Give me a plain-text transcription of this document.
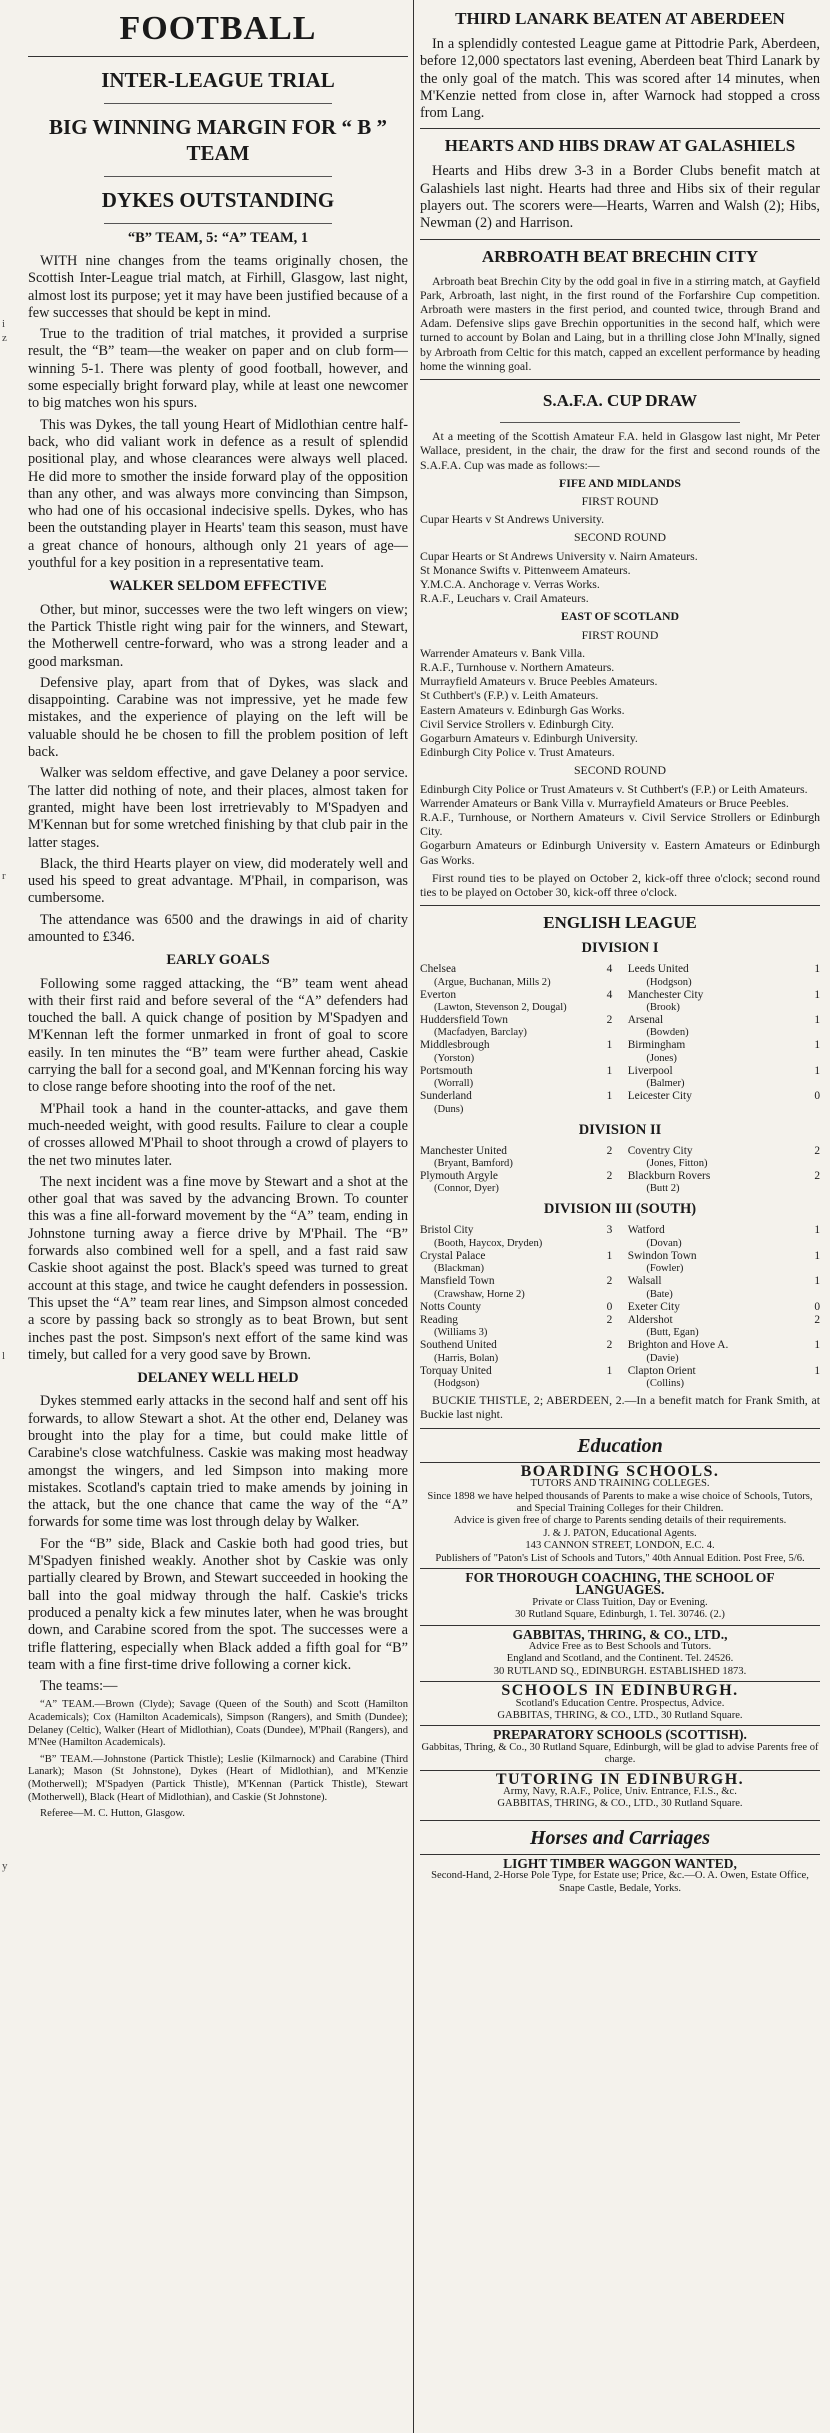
i
z
r
l
y
FOOTBALL
INTER-LEAGUE TRIAL
BIG WINNING MARGIN FOR “ B ” TEAM
DYKES OUTSTANDING
“B” TEAM, 5: “A” TEAM, 1

WITH nine changes from the teams originally chosen, the Scottish Inter-League trial match, at Firhill, Glasgow, last night, almost lost its purpose; yet it may have been justified because of a few successes that should be kept in mind.

True to the tradition of trial matches, it provided a surprise result, the “B” team—the weaker on paper and on club form—winning 5-1. There was plenty of good football, however, and some especially bright forward play, while at least one newcomer to big matches won his spurs.

This was Dykes, the tall young Heart of Midlothian centre half-back, who did valiant work in defence as a result of splendid positional play, and whose clearances were always well placed. He did more to smother the inside forward play of the opposition than any other, and was always more convincing than Simpson, who had one of his occasional indecisive spells. Dykes, who has been the outstanding player in Hearts' team this season, must have a great chance of honours, although only 21 years of age—youthful for a key position in a representative team.

WALKER SELDOM EFFECTIVE

Other, but minor, successes were the two left wingers on view; the Partick Thistle right wing pair for the winners, and Stewart, the Motherwell centre-forward, who was a strong leader and a good marksman.

Defensive play, apart from that of Dykes, was slack and disappointing. Carabine was not impressive, yet he made few mistakes, and the experience of playing on the left will be valuable should he be chosen to fill the problem position of left back.

Walker was seldom effective, and gave Delaney a poor service. The latter did nothing of note, and their places, almost taken for granted, might have been lost irretrievably to M'Spadyen and M'Kennan but for some wretched finishing by that club pair in the latter stages.

Black, the third Hearts player on view, did moderately well and used his speed to great advantage. M'Phail, in comparison, was cumbersome.

The attendance was 6500 and the drawings in aid of charity amounted to £346.

EARLY GOALS

Following some ragged attacking, the “B” team went ahead with their first raid and before several of the “A” defenders had touched the ball. A quick change of position by M'Spadyen and M'Kennan left the former unmarked in front of goal to score easily. In ten minutes the “B” team were further ahead, Caskie carrying the ball for a second goal, and M'Kennan forcing his way to close range before shooting into the roof of the net.

M'Phail took a hand in the counter-attacks, and gave them much-needed weight, with good results. Failure to clear a couple of crosses allowed M'Phail to shoot through a crowd of players to the net two minutes later.

The next incident was a fine move by Stewart and a shot at the other goal that was saved by the advancing Brown. To counter this was a fine all-forward movement by the “A” team, ending in Johnstone turning away a fierce drive by M'Phail. The “B” forwards also combined well for a spell, and a fast raid saw Caskie shoot against the post. Black's speed was turned to great account at this stage, and twice he caught defenders in possession. This upset the “A” team rear lines, and Simpson almost conceded a score by passing back so strongly as to beat Brown, but sent inches past the post. Simpson's next effort of the same kind was timely, but called for a very good save by Brown.

DELANEY WELL HELD

Dykes stemmed early attacks in the second half and sent off his forwards, to allow Stewart a shot. At the other end, Delaney was brought into the play for a time, but could make little of Carabine's close watchfulness. Caskie was making most headway amongst the wingers, and led Simpson into making more mistakes. Scotland's captain tried to make amends by joining in the attack, but the one chance that came the way of the “A” forwards for some time was lost through delay by Walker.

For the “B” side, Black and Caskie both had good tries, but M'Spadyen finished weakly. Another shot by Caskie was only partially cleared by Brown, and Stewart succeeded in hooking the ball into the goal midway through the half. Caskie's tricks produced a penalty kick a few minutes later, when he was brought down, and Carabine scored from the spot. The successes were a trifle flattering, especially when Black added a fifth goal for “B” team with a fine first-time drive following a corner kick.

The teams:—

“A” TEAM.—Brown (Clyde); Savage (Queen of the South) and Scott (Hamilton Academicals); Cox (Hamilton Academicals), Simpson (Rangers), and Smith (Dundee); Delaney (Celtic), Walker (Heart of Midlothian), Coats (Dundee), M'Phail (Rangers), and M'Nee (Hamilton Academicals).

“B” TEAM.—Johnstone (Partick Thistle); Leslie (Kilmarnock) and Carabine (Third Lanark); Mason (St Johnstone), Dykes (Heart of Midlothian), and M'Kenzie (Motherwell); M'Spadyen (Partick Thistle), M'Kennan (Partick Thistle), Stewart (Motherwell), Black (Heart of Midlothian), and Caskie (St Johnstone).

Referee—M. C. Hutton, Glasgow.

THIRD LANARK BEATEN AT ABERDEEN

In a splendidly contested League game at Pittodrie Park, Aberdeen, before 12,000 spectators last evening, Aberdeen beat Third Lanark by the only goal of the match. This was scored after 14 minutes, when M'Kenzie netted from close in, after Warnock had stopped a cross from Lang.

HEARTS AND HIBS DRAW AT GALASHIELS

Hearts and Hibs drew 3-3 in a Border Clubs benefit match at Galashiels last night. Hearts had three and Hibs six of their regular players out. The scorers were—Hearts, Warren and Walsh (2); Hibs, Newman (2) and Harrison.

ARBROATH BEAT BRECHIN CITY

Arbroath beat Brechin City by the odd goal in five in a stirring match, at Gayfield Park, Arbroath, last night, in the first round of the Forfarshire Cup competition. Arbroath were masters in the first period, and counted twice, through Brand and Adam. Defensive slips gave Brechin opportunities in the second half, which were turned to account by Bolan and Laing, but in a thrilling close John M'Inally, signed by Arbroath from Celtic for this match, capped an excellent performance by heading home the winning goal.

S.A.F.A. CUP DRAW

At a meeting of the Scottish Amateur F.A. held in Glasgow last night, Mr Peter Wallace, president, in the chair, the draw for the first and second rounds of the S.A.F.A. Cup was made as follows:—

FIFE AND MIDLANDS

FIRST ROUND

Cupar Hearts v St Andrews University.

SECOND ROUND

Cupar Hearts or St Andrews University v. Nairn Amateurs.
St Monance Swifts v. Pittenweem Amateurs.
Y.M.C.A. Anchorage v. Verras Works.
R.A.F., Leuchars v. Crail Amateurs.

EAST OF SCOTLAND

FIRST ROUND

Warrender Amateurs v. Bank Villa.
R.A.F., Turnhouse v. Northern Amateurs.
Murrayfield Amateurs v. Bruce Peebles Amateurs.
St Cuthbert's (F.P.) v. Leith Amateurs.
Eastern Amateurs v. Edinburgh Gas Works.
Civil Service Strollers v. Edinburgh City.
Gogarburn Amateurs v. Edinburgh University.
Edinburgh City Police v. Trust Amateurs.

SECOND ROUND

Edinburgh City Police or Trust Amateurs v. St Cuthbert's (F.P.) or Leith Amateurs.
Warrender Amateurs or Bank Villa v. Murrayfield Amateurs or Bruce Peebles.
R.A.F., Turnhouse, or Northern Amateurs v. Civil Service Strollers or Edinburgh City.
Gogarburn Amateurs or Edinburgh University v. Eastern Amateurs or Edinburgh Gas Works.

First round ties to be played on October 2, kick-off three o'clock; second round ties to be played on October 30, kick-off three o'clock.

ENGLISH LEAGUE
DIVISION I
Chelsea	4 Leeds United	1
(Argue, Buchanan, Mills 2)	(Hodgson)
Everton	4 Manchester City	1
(Lawton, Stevenson 2, Dougal)	(Brook)
Huddersfield Town	2 Arsenal	1
(Macfadyen, Barclay)	(Bowden)
Middlesbrough	1 Birmingham	1
(Yorston)	(Jones)
Portsmouth	1 Liverpool	1
(Worrall)	(Balmer)
Sunderland	1 Leicester City	0
(Duns)
DIVISION II
Manchester United	2 Coventry City	2
(Bryant, Bamford)	(Jones, Fitton)
Plymouth Argyle	2 Blackburn Rovers	2
(Connor, Dyer)	(Butt 2)
DIVISION III (SOUTH)
Bristol City	3 Watford	1
(Booth, Haycox, Dryden)	(Dovan)
Crystal Palace	1 Swindon Town	1
(Blackman)	(Fowler)
Mansfield Town	2 Walsall	1
(Crawshaw, Horne 2)	(Bate)
Notts County	0 Exeter City	0
Reading	2 Aldershot	2
(Williams 3)	(Butt, Egan)
Southend United	2 Brighton and Hove A.	1
(Harris, Bolan)	(Davie)
Torquay United	1 Clapton Orient	1
(Hodgson)	(Collins)

BUCKIE THISTLE, 2; ABERDEEN, 2.—In a benefit match for Frank Smith, at Buckie last night.

Education
BOARDING SCHOOLS.
TUTORS AND TRAINING COLLEGES.
Since 1898 we have helped thousands of Parents to make a wise choice of Schools, Tutors, and Special Training Colleges for their Children.
Advice is given free of charge to Parents sending details of their requirements.
J. & J. PATON, Educational Agents.
143 CANNON STREET, LONDON, E.C. 4.
Publishers of "Paton's List of Schools and Tutors," 40th Annual Edition. Post Free, 5/6.
FOR THOROUGH COACHING, THE SCHOOL OF LANGUAGES.
Private or Class Tuition, Day or Evening.
30 Rutland Square, Edinburgh, 1. Tel. 30746. (2.)
GABBITAS, THRING, & CO., LTD.,
Advice Free as to Best Schools and Tutors.
England and Scotland, and the Continent. Tel. 24526.
30 RUTLAND SQ., EDINBURGH. ESTABLISHED 1873.
SCHOOLS IN EDINBURGH.
Scotland's Education Centre. Prospectus, Advice.
GABBITAS, THRING, & CO., LTD., 30 Rutland Square.
PREPARATORY SCHOOLS (SCOTTISH).
Gabbitas, Thring, & Co., 30 Rutland Square, Edinburgh, will be glad to advise Parents free of charge.
TUTORING IN EDINBURGH.
Army, Navy, R.A.F., Police, Univ. Entrance, F.I.S., &c.
GABBITAS, THRING, & CO., LTD., 30 Rutland Square.
Horses and Carriages
LIGHT TIMBER WAGGON WANTED,
Second-Hand, 2-Horse Pole Type, for Estate use; Price, &c.—O. A. Owen, Estate Office, Snape Castle, Bedale, Yorks.
